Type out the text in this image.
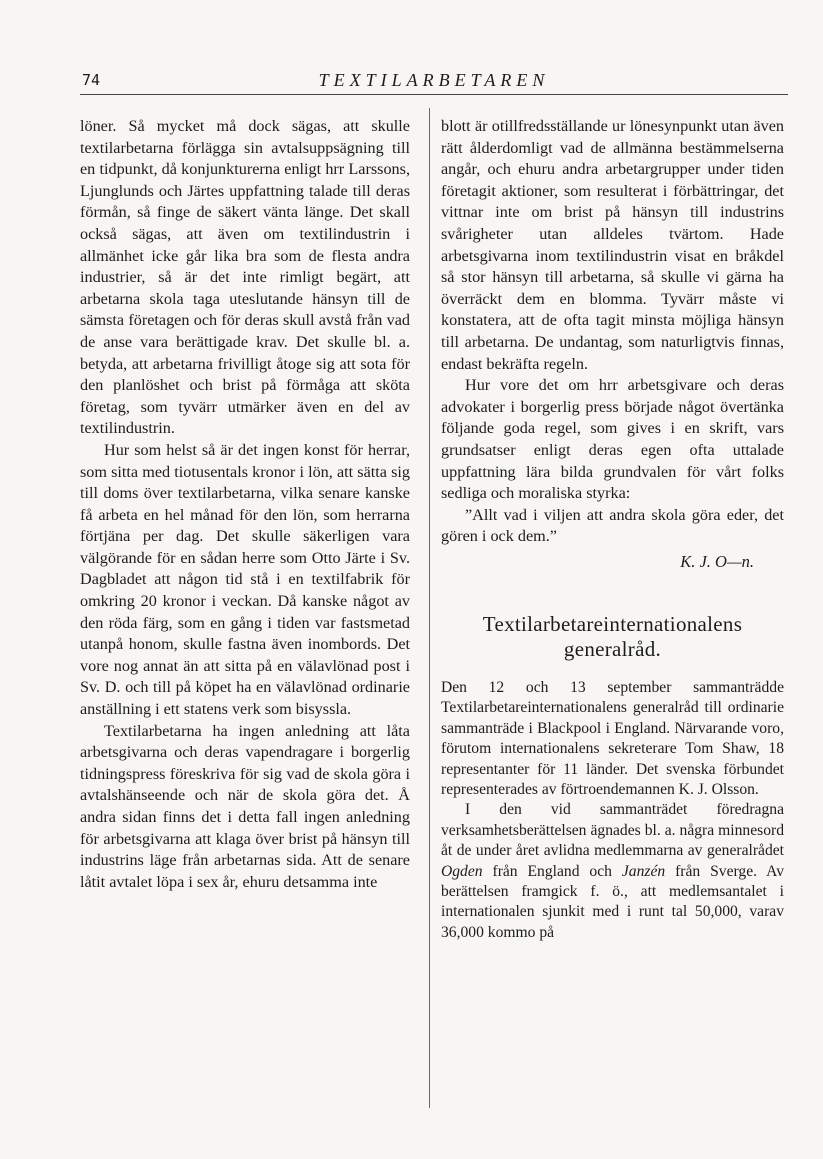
74	TEXTILARBETAREN

löner. Så mycket må dock sägas, att skulle textilarbetarna förlägga sin avtalsuppsägning till en tidpunkt, då konjunkturerna enligt hrr Larssons, Ljunglunds och Järtes uppfattning talade till deras förmån, så finge de säkert vänta länge. Det skall också sägas, att även om textilindustrin i allmänhet icke går lika bra som de flesta andra industrier, så är det inte rimligt begärt, att arbetarna skola taga uteslutande hänsyn till de sämsta företagen och för deras skull avstå från vad de anse vara berättigade krav. Det skulle bl. a. betyda, att arbetarna frivilligt åtoge sig att sota för den planlöshet och brist på förmåga att sköta företag, som tyvärr utmärker även en del av textilindustrin.

Hur som helst så är det ingen konst för herrar, som sitta med tiotusentals kronor i lön, att sätta sig till doms över textilarbetarna, vilka senare kanske få arbeta en hel månad för den lön, som herrarna förtjäna per dag. Det skulle säkerligen vara välgörande för en sådan herre som Otto Järte i Sv. Dagbladet att någon tid stå i en textilfabrik för omkring 20 kronor i veckan. Då kanske något av den röda färg, som en gång i tiden var fastsmetad utanpå honom, skulle fastna även inombords. Det vore nog annat än att sitta på en välavlönad post i Sv. D. och till på köpet ha en välavlönad ordinarie anställning i ett statens verk som bisyssla.

Textilarbetarna ha ingen anledning att låta arbetsgivarna och deras vapendragare i borgerlig tidningspress föreskriva för sig vad de skola göra i avtalshänseende och när de skola göra det. Å andra sidan finns det i detta fall ingen anledning för arbetsgivarna att klaga över brist på hänsyn till industrins läge från arbetarnas sida. Att de senare låtit avtalet löpa i sex år, ehuru detsamma inte

blott är otillfredsställande ur lönesynpunkt utan även rätt ålderdomligt vad de allmänna bestämmelserna angår, och ehuru andra arbetargrupper under tiden företagit aktioner, som resulterat i förbättringar, det vittnar inte om brist på hänsyn till industrins svårigheter utan alldeles tvärtom. Hade arbetsgivarna inom textilindustrin visat en bråkdel så stor hänsyn till arbetarna, så skulle vi gärna ha överräckt dem en blomma. Tyvärr måste vi konstatera, att de ofta tagit minsta möjliga hänsyn till arbetarna. De undantag, som naturligtvis finnas, endast bekräfta regeln.

Hur vore det om hrr arbetsgivare och deras advokater i borgerlig press började något övertänka följande goda regel, som gives i en skrift, vars grundsatser enligt deras egen ofta uttalade uppfattning lära bilda grundvalen för vårt folks sedliga och moraliska styrka:

”Allt vad i viljen att andra skola göra eder, det gören i ock dem.”

K. J. O—n.
Textilarbetareinternationalens
generalråd.

Den 12 och 13 september sammanträdde Textilarbetareinternationalens generalråd till ordinarie sammanträde i Blackpool i England. Närvarande voro, förutom internationalens sekreterare Tom Shaw, 18 representanter för 11 länder. Det svenska förbundet representerades av förtroendemannen K. J. Olsson.

I den vid sammanträdet föredragna verksamhetsberättelsen ägnades bl. a. några minnesord åt de under året avlidna medlemmarna av generalrådet Ogden från England och Janzén från Sverge. Av berättelsen framgick f. ö., att medlemsantalet i internationalen sjunkit med i runt tal 50,000, varav 36,000 kommo på
